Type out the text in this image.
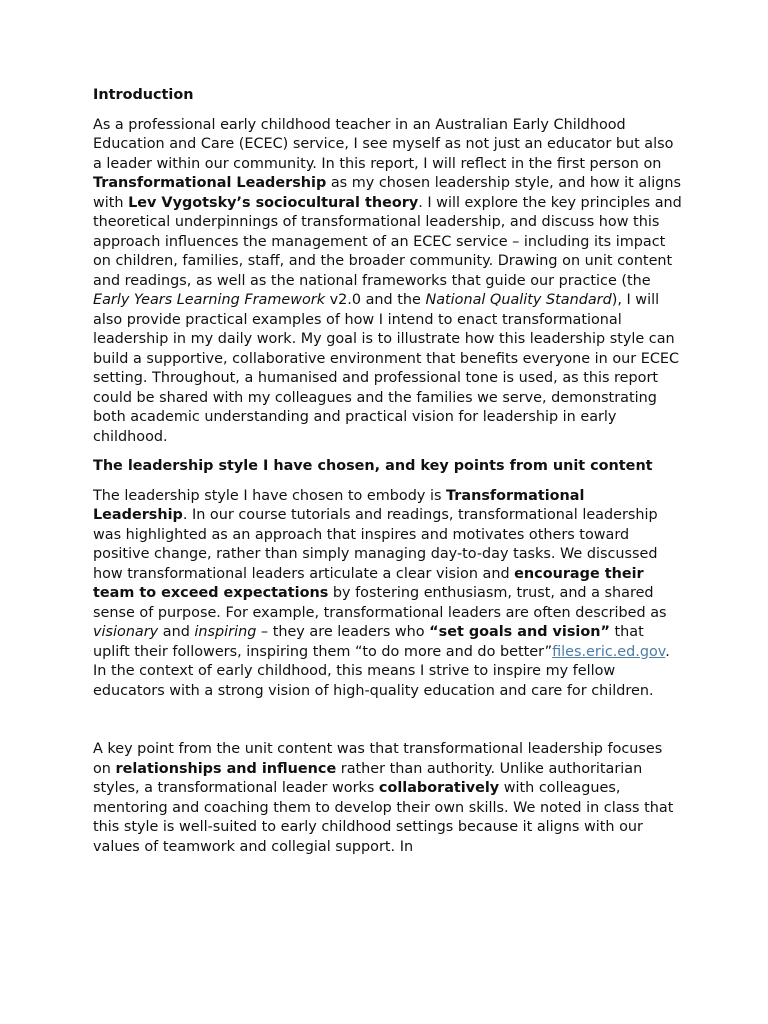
Introduction

As a professional early childhood teacher in an Australian Early Childhood Education and Care (ECEC) service, I see myself as not just an educator but also a leader within our community. In this report, I will reflect in the first person on Transformational Leadership as my chosen leadership style, and how it aligns with Lev Vygotsky’s sociocultural theory. I will explore the key principles and theoretical underpinnings of transformational leadership, and discuss how this approach influences the management of an ECEC service – including its impact on children, families, staff, and the broader community. Drawing on unit content and readings, as well as the national frameworks that guide our practice (the Early Years Learning Framework v2.0 and the National Quality Standard), I will also provide practical examples of how I intend to enact transformational leadership in my daily work. My goal is to illustrate how this leadership style can build a supportive, collaborative environment that benefits everyone in our ECEC setting. Throughout, a humanised and professional tone is used, as this report could be shared with my colleagues and the families we serve, demonstrating both academic understanding and practical vision for leadership in early childhood.

The leadership style I have chosen, and key points from unit content

The leadership style I have chosen to embody is Transformational Leadership. In our course tutorials and readings, transformational leadership was highlighted as an approach that inspires and motivates others toward positive change, rather than simply managing day-to-day tasks. We discussed how transformational leaders articulate a clear vision and encourage their team to exceed expectations by fostering enthusiasm, trust, and a shared sense of purpose. For example, transformational leaders are often described as visionary and inspiring – they are leaders who “set goals and vision” that uplift their followers, inspiring them “to do more and do better”files.eric.ed.gov. In the context of early childhood, this means I strive to inspire my fellow educators with a strong vision of high-quality education and care for children.

A key point from the unit content was that transformational leadership focuses on relationships and influence rather than authority. Unlike authoritarian styles, a transformational leader works collaboratively with colleagues, mentoring and coaching them to develop their own skills. We noted in class that this style is well-suited to early childhood settings because it aligns with our values of teamwork and collegial support. In
